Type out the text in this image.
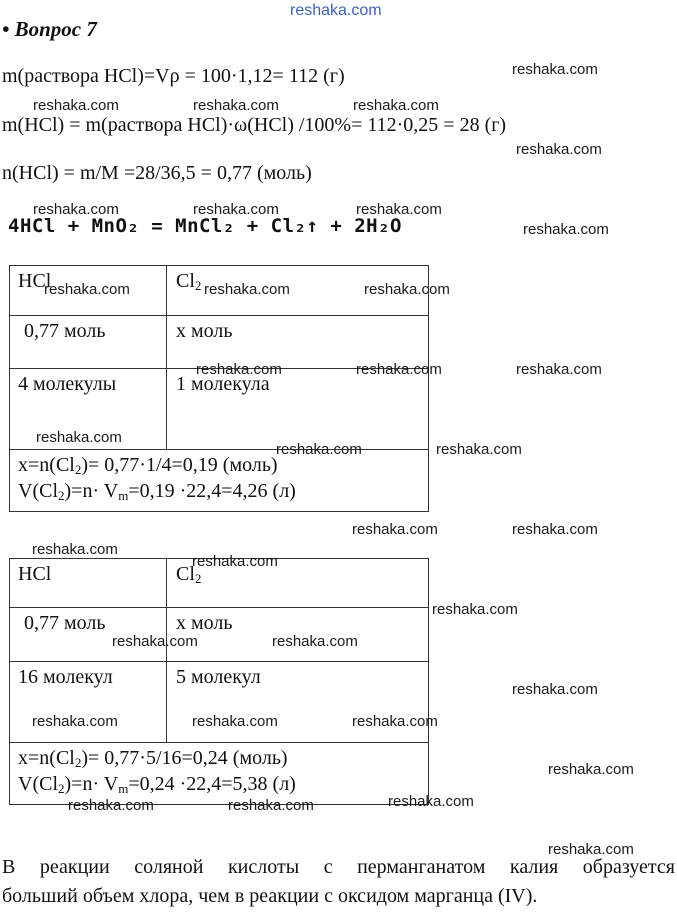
reshaka.com
• Вопрос 7
m(раствора HCl)=Vρ = 100·1,12= 112 (г)
m(HCl) = m(раствора HCl)·ω(HCl) /100%= 112·0,25 = 28 (г)
n(HCl) = m/M =28/36,5 = 0,77 (моль)
4HCl + MnO₂ = MnCl₂ + Cl₂↑ + 2H₂O
HCl	$Cl_2$
0,77 моль	х моль
4 молекулы	1 молекула
$х=n(Cl_2)= 0,77\cdot 1/4=0,19$ (моль)
$V(Cl_2)=n\cdot V_m=0,19 \cdot 22,4=4,26$ (л)
HCl	$Cl_2$
0,77 моль	х моль
16 молекул	5 молекул
$х=n(Cl_2)= 0,77\cdot 5/16=0,24$ (моль)
$V(Cl_2)=n\cdot V_m=0,24 \cdot 22,4=5,38$ (л)
В реакции соляной кислоты с перманганатом калия образуется
больший объем хлора, чем в реакции с оксидом марганца (IV).
reshaka.com
reshaka.com	reshaka.com	reshaka.com
reshaka.com
reshaka.com	reshaka.com	reshaka.com
reshaka.com
reshaka.com	reshaka.com	reshaka.com
reshaka.com	reshaka.com	reshaka.com
reshaka.com
reshaka.com	reshaka.com
reshaka.com	reshaka.com
reshaka.com
reshaka.com
reshaka.com
reshaka.com	reshaka.com
reshaka.com
reshaka.com	reshaka.com	reshaka.com
reshaka.com
reshaka.com
reshaka.com	reshaka.com
reshaka.com
